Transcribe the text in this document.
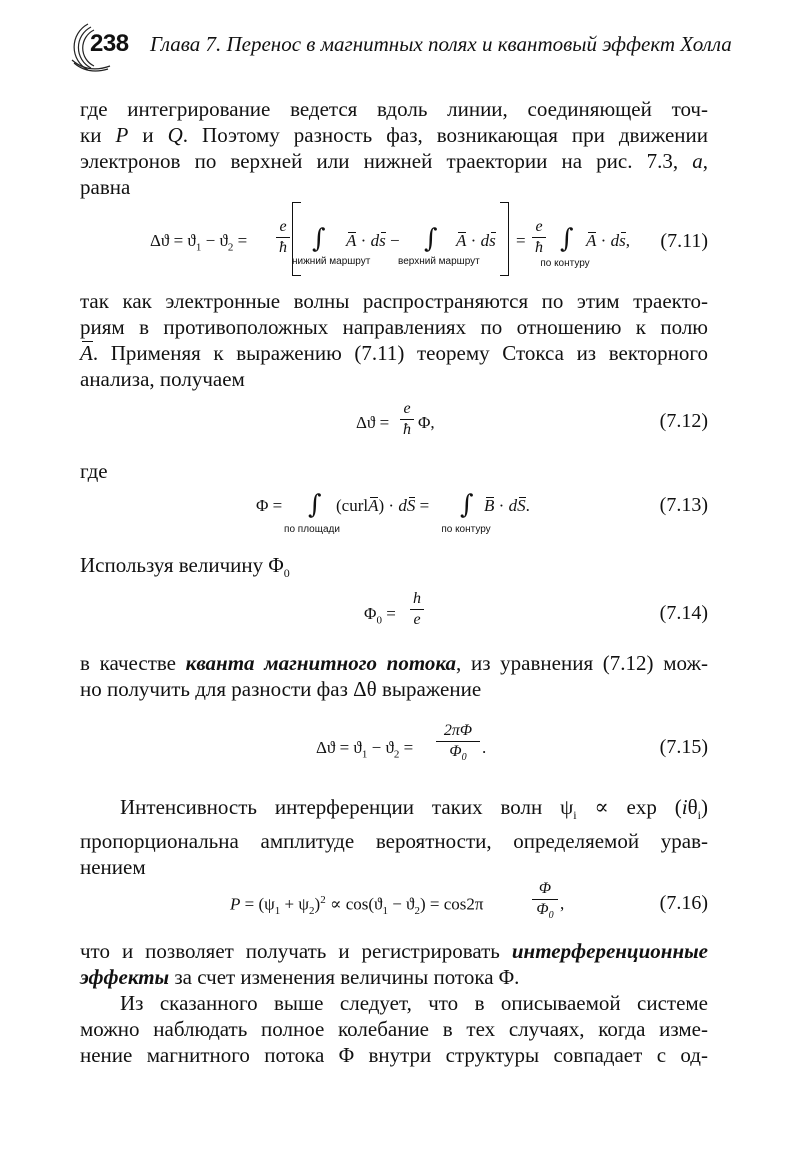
238 Глава 7. Перенос в магнитных полях и квантовый эффект Холла

где интегрирование ведется вдоль линии, соединяющей точ-
ки P и Q. Поэтому разность фаз, возникающая при движении
электронов по верхней или нижней траектории на рис. 7.3, а,
равна

$\Delta ϑ = ϑ_1 - ϑ_2$ =
e
ħ ∫
нижний маршрут
A · ds − ∫
верхний маршрут
A · ds =
e
ħ ∫
по контуру
A · ds, (7.11)

так как электронные волны распространяются по этим траекто-
риям в противоположных направлениях по отношению к полю
A. Применяя к выражению (7.11) теорему Стокса из векторного
анализа, получаем

Δϑ =
e
ħ Φ,	(7.12)

где

Φ = ∫
по площади
(curlA) · dS = ∫
по контуру
B · dS.	(7.13)

Используя величину $\Phi_0$

$\Phi_0$ =
h
e	(7.14)

в качестве кванта магнитного потока, из уравнения (7.12) мож-
но получить для разности фаз Δθ выражение

$\Delta ϑ = ϑ_1 - ϑ_2$ =
2πΦ
$\Phi_0$
.	(7.15)

Интенсивность интерференции таких волн $\psi_i \propto \exp (i\theta_i)$
пропорциональна амплитуде вероятности, определяемой урав-
нением

$P = (\psi_1 + \psi_2)^2 \propto \cos(ϑ_1 - ϑ_2) = \cos 2\pi$
Φ
$\Phi_0$
,	(7.16)

что и позволяет получать и регистрировать интерференционные
эффекты за счет изменения величины потока Φ.

Из сказанного выше следует, что в описываемой системе
можно наблюдать полное колебание в тех случаях, когда изме-
нение магнитного потока Φ внутри структуры совпадает с од-
